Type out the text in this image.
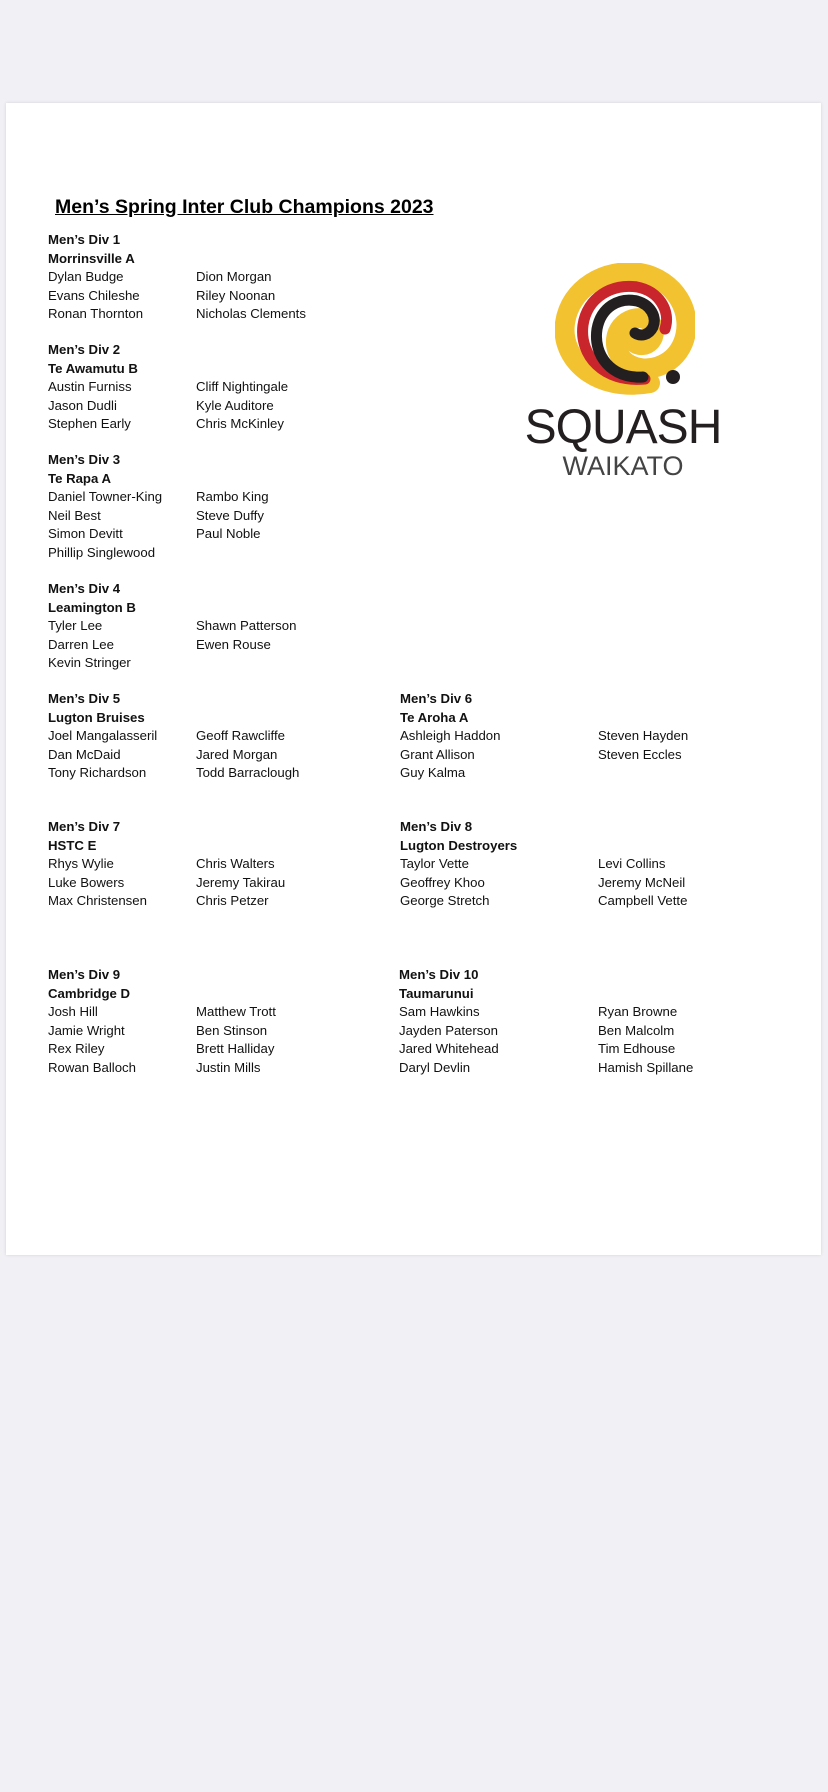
Men’s Spring Inter Club Champions 2023
SQUASH
WAIKATO
Men’s Div 1
Morrinsville A
Dylan Budge
Evans Chileshe
Ronan Thornton
Dion Morgan
Riley Noonan
Nicholas Clements
Men’s Div 2
Te Awamutu B
Austin Furniss
Jason Dudli
Stephen Early
Cliff Nightingale
Kyle Auditore
Chris McKinley
Men’s Div 3
Te Rapa A
Daniel Towner-King
Neil Best
Simon Devitt
Phillip Singlewood
Rambo King
Steve Duffy
Paul Noble
Men’s Div 4
Leamington B
Tyler Lee
Darren Lee
Kevin Stringer
Shawn Patterson
Ewen Rouse
Men’s Div 5
Lugton Bruises
Joel Mangalasseril
Dan McDaid
Tony Richardson
Geoff Rawcliffe
Jared Morgan
Todd Barraclough
Men’s Div 6
Te Aroha A
Ashleigh Haddon
Grant Allison
Guy Kalma
Steven Hayden
Steven Eccles
Men’s Div 7
HSTC E
Rhys Wylie
Luke Bowers
Max Christensen
Chris Walters
Jeremy Takirau
Chris Petzer
Men’s Div 8
Lugton Destroyers
Taylor Vette
Geoffrey Khoo
George Stretch
Levi Collins
Jeremy McNeil
Campbell Vette
Men’s Div 9
Cambridge D
Josh Hill
Jamie Wright
Rex Riley
Rowan Balloch
Matthew Trott
Ben Stinson
Brett Halliday
Justin Mills
Men’s Div 10
Taumarunui
Sam Hawkins
Jayden Paterson
Jared Whitehead
Daryl Devlin
Ryan Browne
Ben Malcolm
Tim Edhouse
Hamish Spillane
